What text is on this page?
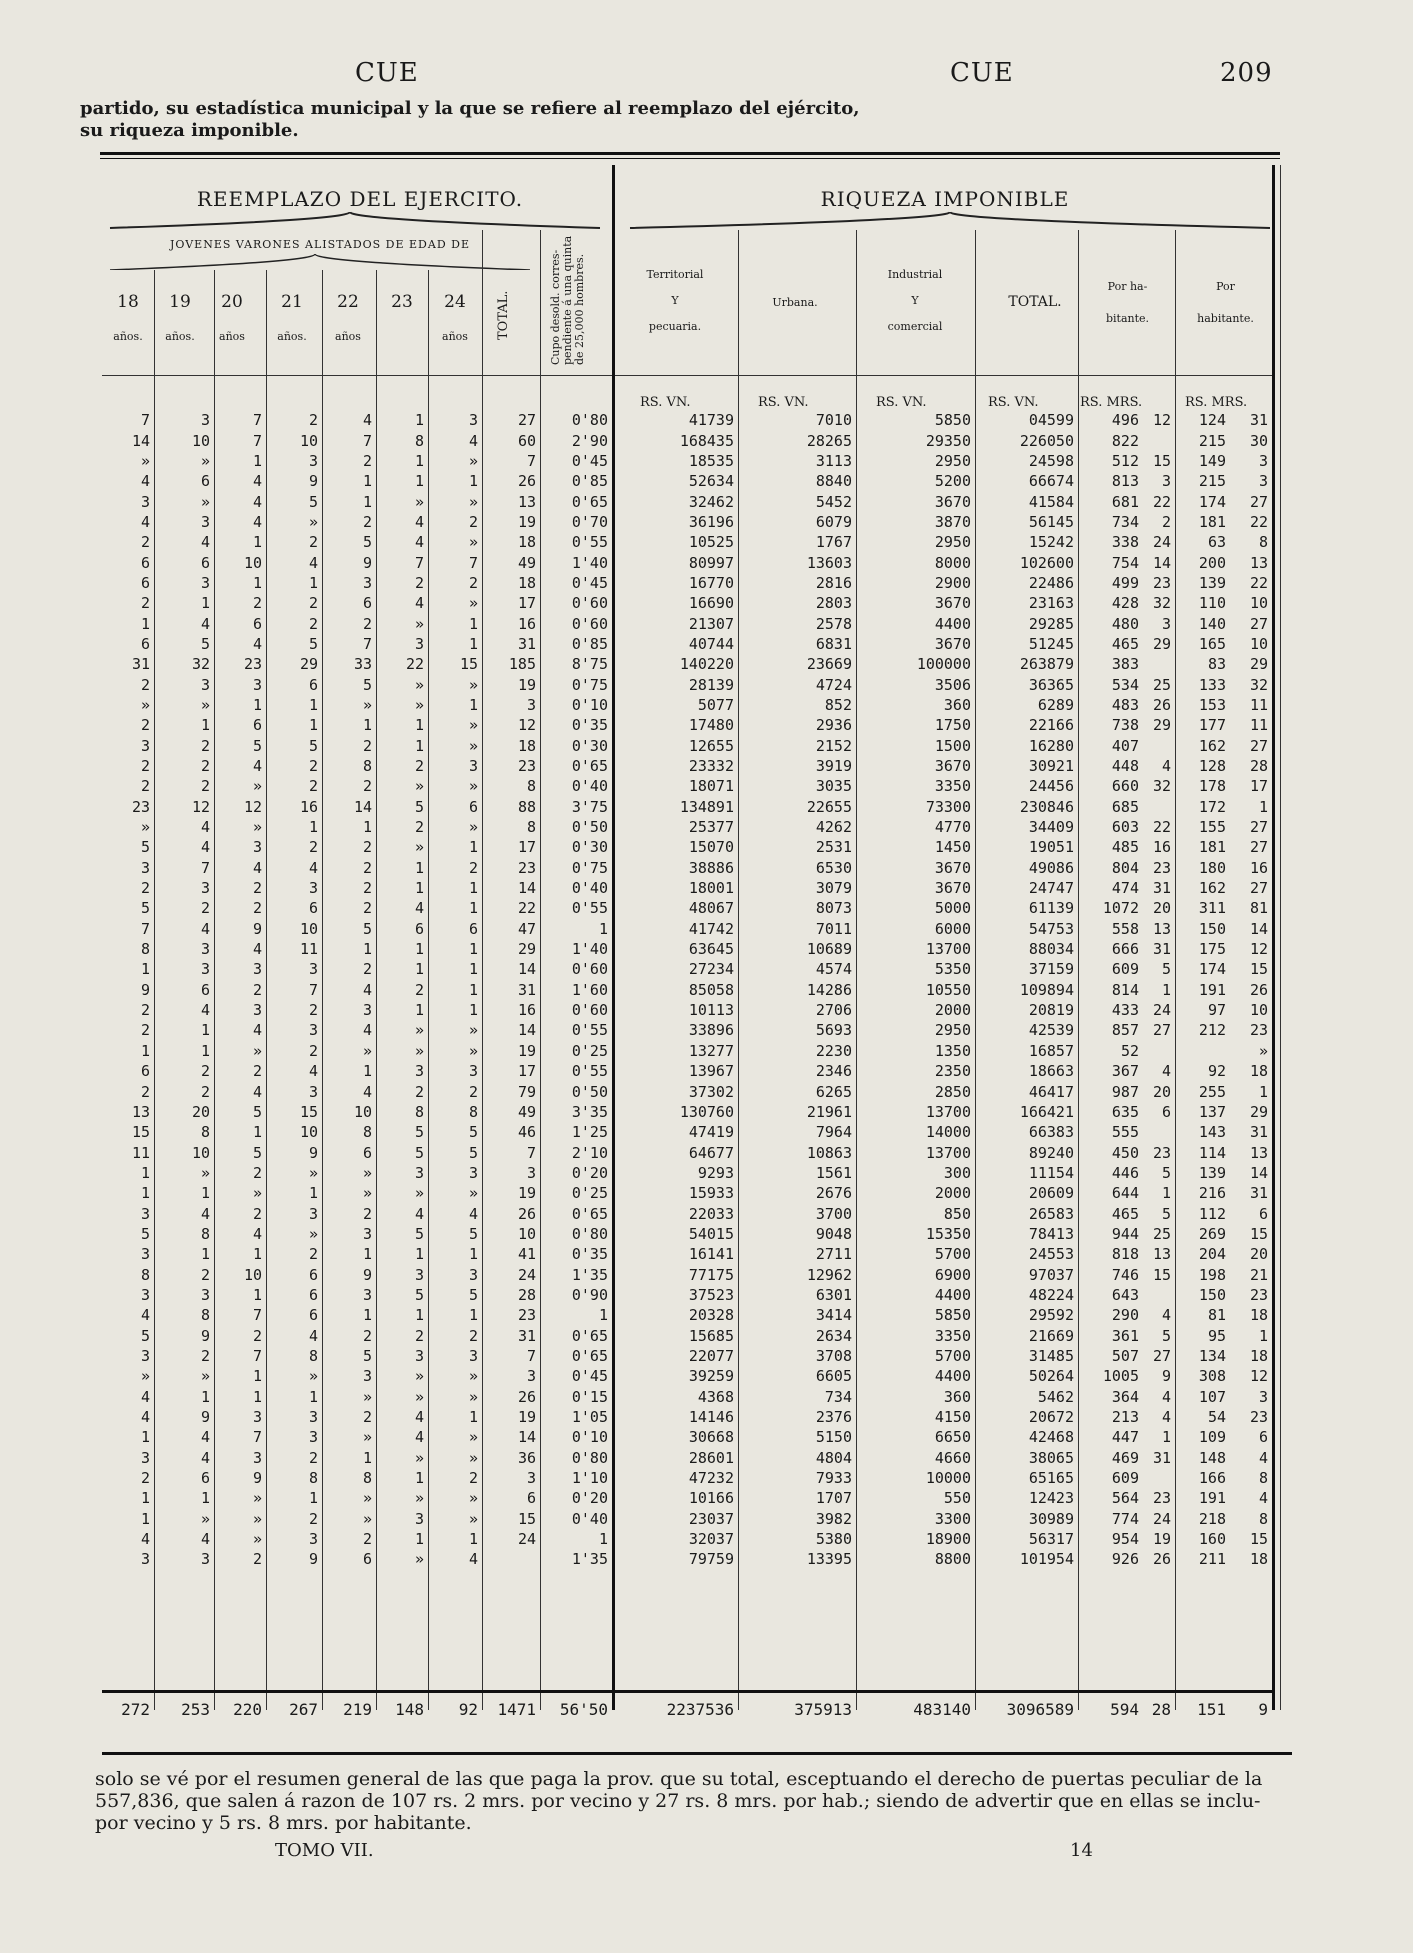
CUE	CUE	209
partido, su estadística municipal y la que se refiere al reemplazo del ejército,
su riqueza imponible.
REEMPLAZO DEL EJERCITO.	RIQUEZA IMPONIBLE
JOVENES VARONES ALISTADOS DE EDAD DE
18	19	20	21	22	23	24
años.	años.	años	años.	años	años	TOTAL.	Cupo desold. corres- pendiente á una quinta de 25,000 hombres.	Territorial
Y
pecuaria.
Urbana.
Industrial
Y
comercial
TOTAL.
Por ha-
bitante.
Por
habitante.
RS. VN.	RS. VN.	RS. VN.	RS. VN.	RS. MRS.	RS. MRS.
7	3	7	2	4	1	3	27	0'80	41739	7010	5850	04599	496	12	124	31
14	10	7	10	7	8	4	60	2'90	168435	28265	29350	226050	822		215	30
»	»	1	3	2	1	»	7	0'45	18535	3113	2950	24598	512	15	149	3
4	6	4	9	1	1	1	26	0'85	52634	8840	5200	66674	813	3	215	3
3	»	4	5	1	»	»	13	0'65	32462	5452	3670	41584	681	22	174	27
4	3	4	»	2	4	2	19	0'70	36196	6079	3870	56145	734	2	181	22
2	4	1	2	5	4	»	18	0'55	10525	1767	2950	15242	338	24	63	8
6	6	10	4	9	7	7	49	1'40	80997	13603	8000	102600	754	14	200	13
6	3	1	1	3	2	2	18	0'45	16770	2816	2900	22486	499	23	139	22
2	1	2	2	6	4	»	17	0'60	16690	2803	3670	23163	428	32	110	10
1	4	6	2	2	»	1	16	0'60	21307	2578	4400	29285	480	3	140	27
6	5	4	5	7	3	1	31	0'85	40744	6831	3670	51245	465	29	165	10
31	32	23	29	33	22	15	185	8'75	140220	23669	100000	263879	383		83	29
2	3	3	6	5	»	»	19	0'75	28139	4724	3506	36365	534	25	133	32
»	»	1	1	»	»	1	3	0'10	5077	852	360	6289	483	26	153	11
2	1	6	1	1	1	»	12	0'35	17480	2936	1750	22166	738	29	177	11
3	2	5	5	2	1	»	18	0'30	12655	2152	1500	16280	407		162	27
2	2	4	2	8	2	3	23	0'65	23332	3919	3670	30921	448	4	128	28
2	2	»	2	2	»	»	8	0'40	18071	3035	3350	24456	660	32	178	17
23	12	12	16	14	5	6	88	3'75	134891	22655	73300	230846	685		172	1
»	4	»	1	1	2	»	8	0'50	25377	4262	4770	34409	603	22	155	27
5	4	3	2	2	»	1	17	0'30	15070	2531	1450	19051	485	16	181	27
3	7	4	4	2	1	2	23	0'75	38886	6530	3670	49086	804	23	180	16
2	3	2	3	2	1	1	14	0'40	18001	3079	3670	24747	474	31	162	27
5	2	2	6	2	4	1	22	0'55	48067	8073	5000	61139	1072	20	311	81
7	4	9	10	5	6	6	47	1	41742	7011	6000	54753	558	13	150	14
8	3	4	11	1	1	1	29	1'40	63645	10689	13700	88034	666	31	175	12
1	3	3	3	2	1	1	14	0'60	27234	4574	5350	37159	609	5	174	15
9	6	2	7	4	2	1	31	1'60	85058	14286	10550	109894	814	1	191	26
2	4	3	2	3	1	1	16	0'60	10113	2706	2000	20819	433	24	97	10
2	1	4	3	4	»	»	14	0'55	33896	5693	2950	42539	857	27	212	23
1	1	»	2	»	»	»	19	0'25	13277	2230	1350	16857	52			»
6	2	2	4	1	3	3	17	0'55	13967	2346	2350	18663	367	4	92	18
2	2	4	3	4	2	2	79	0'50	37302	6265	2850	46417	987	20	255	1
13	20	5	15	10	8	8	49	3'35	130760	21961	13700	166421	635	6	137	29
15	8	1	10	8	5	5	46	1'25	47419	7964	14000	66383	555		143	31
11	10	5	9	6	5	5	7	2'10	64677	10863	13700	89240	450	23	114	13
1	»	2	»	»	3	3	3	0'20	9293	1561	300	11154	446	5	139	14
1	1	»	1	»	»	»	19	0'25	15933	2676	2000	20609	644	1	216	31
3	4	2	3	2	4	4	26	0'65	22033	3700	850	26583	465	5	112	6
5	8	4	»	3	5	5	10	0'80	54015	9048	15350	78413	944	25	269	15
3	1	1	2	1	1	1	41	0'35	16141	2711	5700	24553	818	13	204	20
8	2	10	6	9	3	3	24	1'35	77175	12962	6900	97037	746	15	198	21
3	3	1	6	3	5	5	28	0'90	37523	6301	4400	48224	643		150	23
4	8	7	6	1	1	1	23	1	20328	3414	5850	29592	290	4	81	18
5	9	2	4	2	2	2	31	0'65	15685	2634	3350	21669	361	5	95	1
3	2	7	8	5	3	3	7	0'65	22077	3708	5700	31485	507	27	134	18
»	»	1	»	3	»	»	3	0'45	39259	6605	4400	50264	1005	9	308	12
4	1	1	1	»	»	»	26	0'15	4368	734	360	5462	364	4	107	3
4	9	3	3	2	4	1	19	1'05	14146	2376	4150	20672	213	4	54	23
1	4	7	3	»	4	»	14	0'10	30668	5150	6650	42468	447	1	109	6
3	4	3	2	1	»	»	36	0'80	28601	4804	4660	38065	469	31	148	4
2	6	9	8	8	1	2	3	1'10	47232	7933	10000	65165	609		166	8
1	1	»	1	»	»	»	6	0'20	10166	1707	550	12423	564	23	191	4
1	»	»	2	»	3	»	15	0'40	23037	3982	3300	30989	774	24	218	8
4	4	»	3	2	1	1	24	1	32037	5380	18900	56317	954	19	160	15
3	3	2	9	6	»	4		1'35	79759	13395	8800	101954	926	26	211	18
272	253	220	267	219	148	92	1471	56'50	2237536	375913	483140	3096589	594	28	151	9
solo se vé por el resumen general de las que paga la prov. que su total, esceptuando el derecho de puertas peculiar de la
557,836, que salen á razon de 107 rs. 2 mrs. por vecino y 27 rs. 8 mrs. por hab.; siendo de advertir que en ellas se inclu-
por vecino y 5 rs. 8 mrs. por habitante.
TOMO VII.	14
